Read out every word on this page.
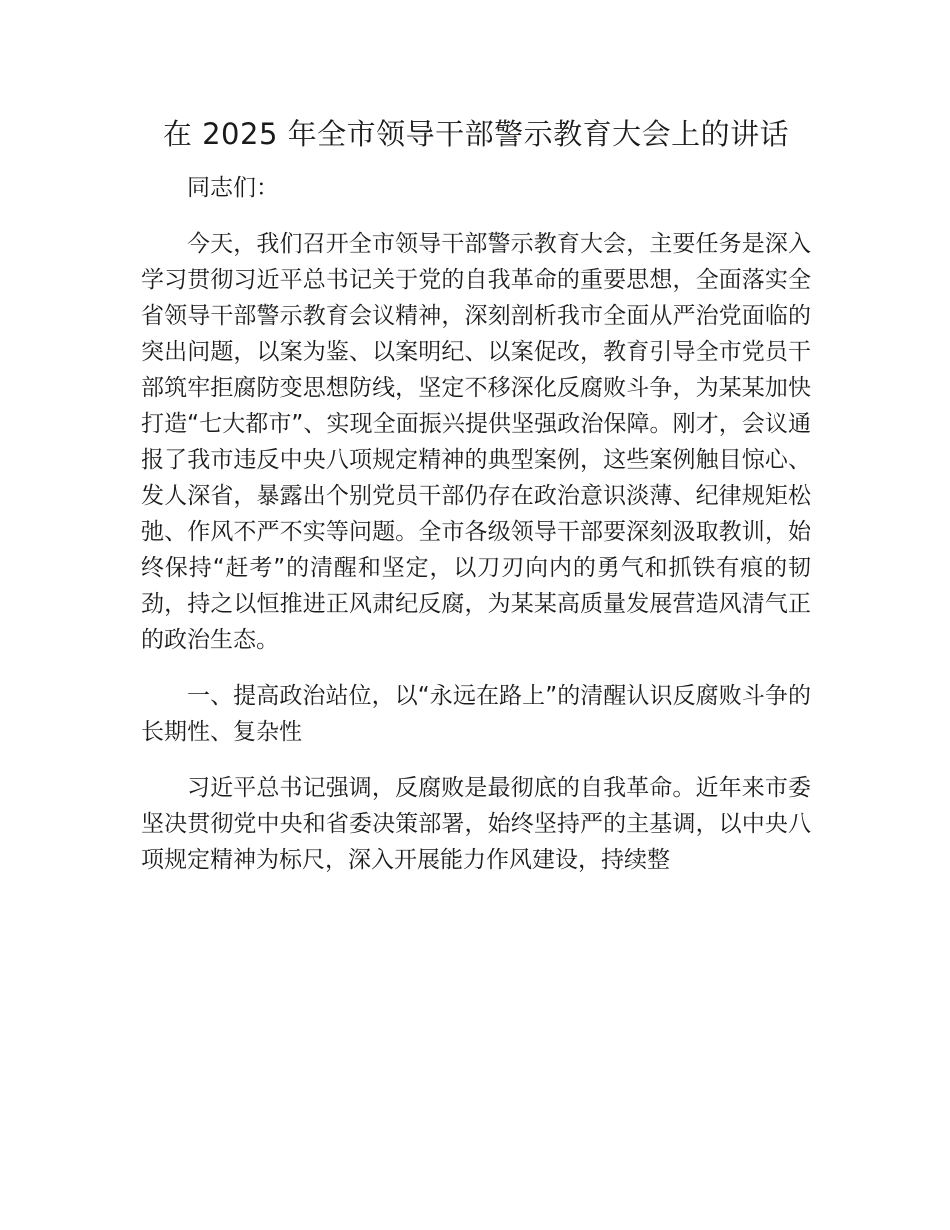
在 2025 年全市领导干部警示教育大会上的讲话

同志们：

今天，我们召开全市领导干部警示教育大会，主要任务是深入学习贯彻习近平总书记关于党的自我革命的重要思想，全面落实全省领导干部警示教育会议精神，深刻剖析我市全面从严治党面临的突出问题，以案为鉴、以案明纪、以案促改，教育引导全市党员干部筑牢拒腐防变思想防线，坚定不移深化反腐败斗争，为某某加快打造“七大都市”、实现全面振兴提供坚强政治保障。刚才，会议通报了我市违反中央八项规定精神的典型案例，这些案例触目惊心、发人深省，暴露出个别党员干部仍存在政治意识淡薄、纪律规矩松弛、作风不严不实等问题。全市各级领导干部要深刻汲取教训，始终保持“赶考”的清醒和坚定，以刀刃向内的勇气和抓铁有痕的韧劲，持之以恒推进正风肃纪反腐，为某某高质量发展营造风清气正的政治生态。

一、提高政治站位，以“永远在路上”的清醒认识反腐败斗争的长期性、复杂性

习近平总书记强调，反腐败是最彻底的自我革命。近年来市委坚决贯彻党中央和省委决策部署，始终坚持严的主基调，以中央八项规定精神为标尺，深入开展能力作风建设，持续整
